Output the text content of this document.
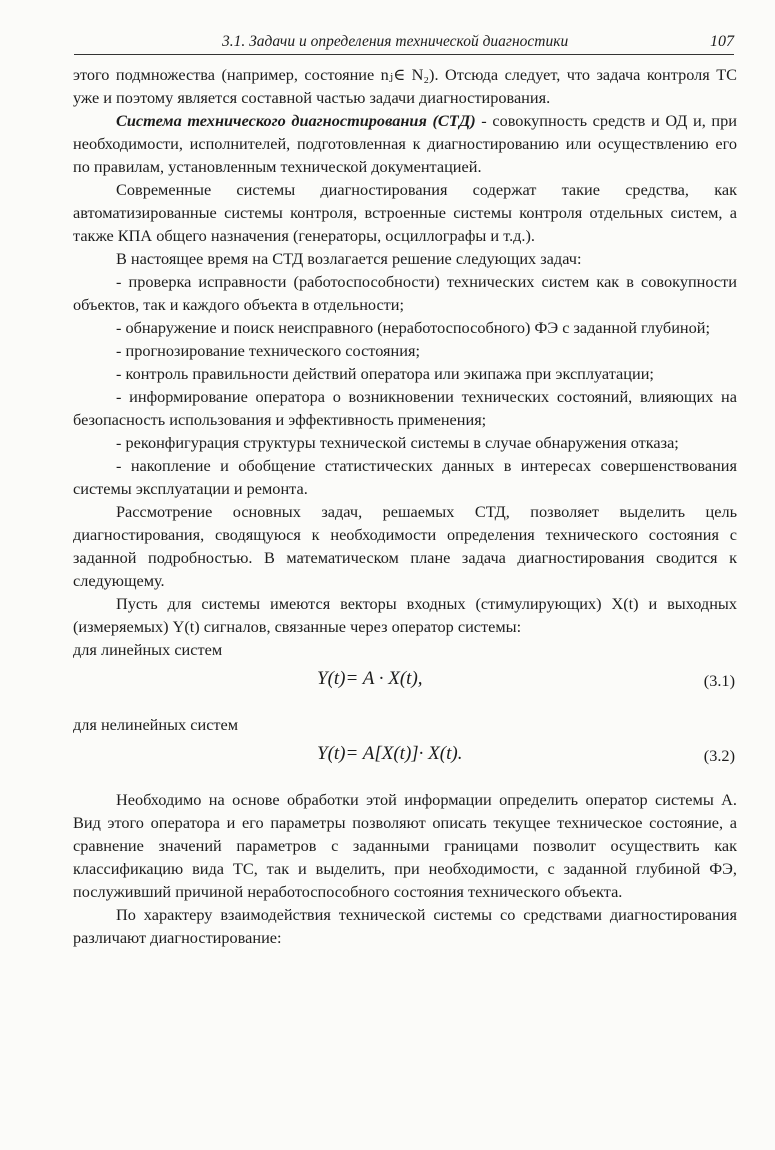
3.1. Задачи и определения технической диагностики	107

этого подмножества (например, состояние nⱼ∈ N₂). Отсюда следует, что задача контроля ТС уже и поэтому является составной частью задачи диагностирования.

Система технического диагностирования (СТД) - совокупность средств и ОД и, при необходимости, исполнителей, подготовленная к диагностированию или осуществлению его по правилам, установленным технической документацией.

Современные системы диагностирования содержат такие средства, как автоматизированные системы контроля, встроенные системы контроля отдельных систем, а также КПА общего назначения (генераторы, осциллографы и т.д.).

В настоящее время на СТД возлагается решение следующих задач:

- проверка исправности (работоспособности) технических систем как в совокупности объектов, так и каждого объекта в отдельности;

- обнаружение и поиск неисправного (неработоспособного) ФЭ с заданной глубиной;

- прогнозирование технического состояния;

- контроль правильности действий оператора или экипажа при эксплуатации;

- информирование оператора о возникновении технических состояний, влияющих на безопасность использования и эффективность применения;

- реконфигурация структуры технической системы в случае обнаружения отказа;

- накопление и обобщение статистических данных в интересах совершенствования системы эксплуатации и ремонта.

Рассмотрение основных задач, решаемых СТД, позволяет выделить цель диагностирования, сводящуюся к необходимости определения технического состояния с заданной подробностью. В математическом плане задача диагностирования сводится к следующему.

Пусть для системы имеются векторы входных (стимулирующих) X(t) и выходных (измеряемых) Y(t) сигналов, связанные через оператор системы:

для линейных систем

Y(t)= A · X(t),	(3.1)

для нелинейных систем

Y(t)= A[X(t)]· X(t).	(3.2)

Необходимо на основе обработки этой информации определить оператор системы А. Вид этого оператора и его параметры позволяют описать текущее техническое состояние, а сравнение значений параметров с заданными границами позволит осуществить как классификацию вида ТС, так и выделить, при необходимости, с заданной глубиной ФЭ, послуживший причиной неработоспособного состояния технического объекта.

По характеру взаимодействия технической системы со средствами диагностирования различают диагностирование:
